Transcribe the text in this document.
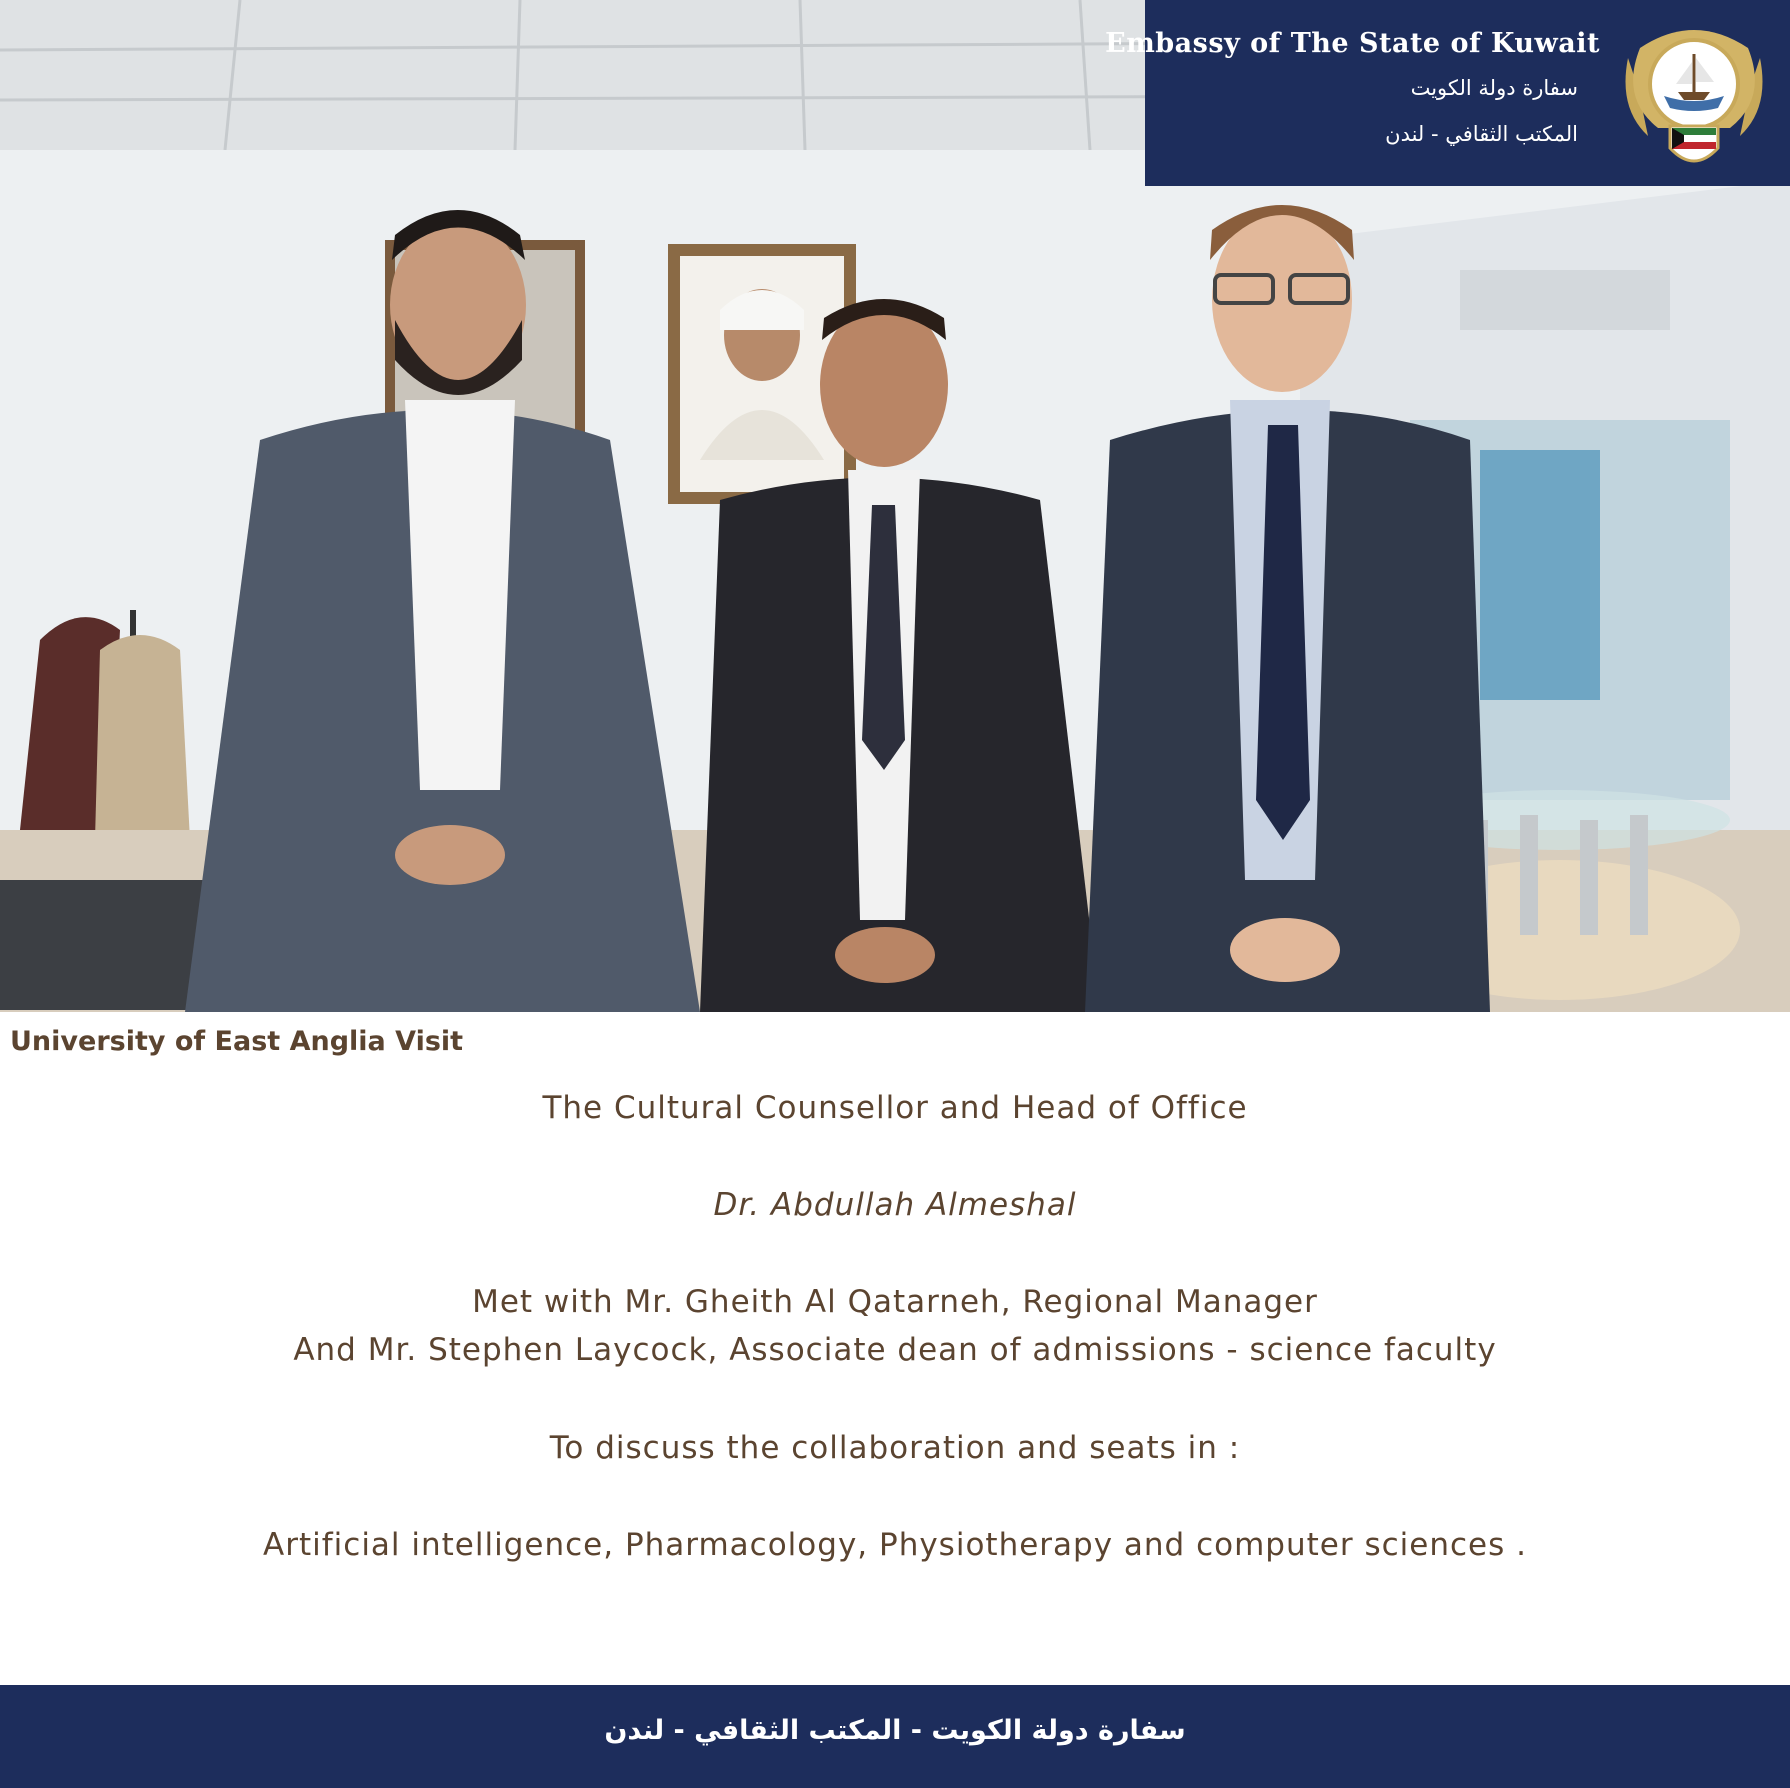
Embassy of The State of Kuwait
سفارة دولة الكويت
المكتب الثقافي - لندن
University of East Anglia Visit
The Cultural Counsellor and Head of Office
Dr. Abdullah Almeshal
Met with Mr. Gheith Al Qatarneh, Regional Manager
And Mr. Stephen Laycock, Associate dean of admissions - science faculty
To discuss the collaboration and seats in :
Artificial intelligence, Pharmacology, Physiotherapy and computer sciences .
سفارة دولة الكويت - المكتب الثقافي - لندن
